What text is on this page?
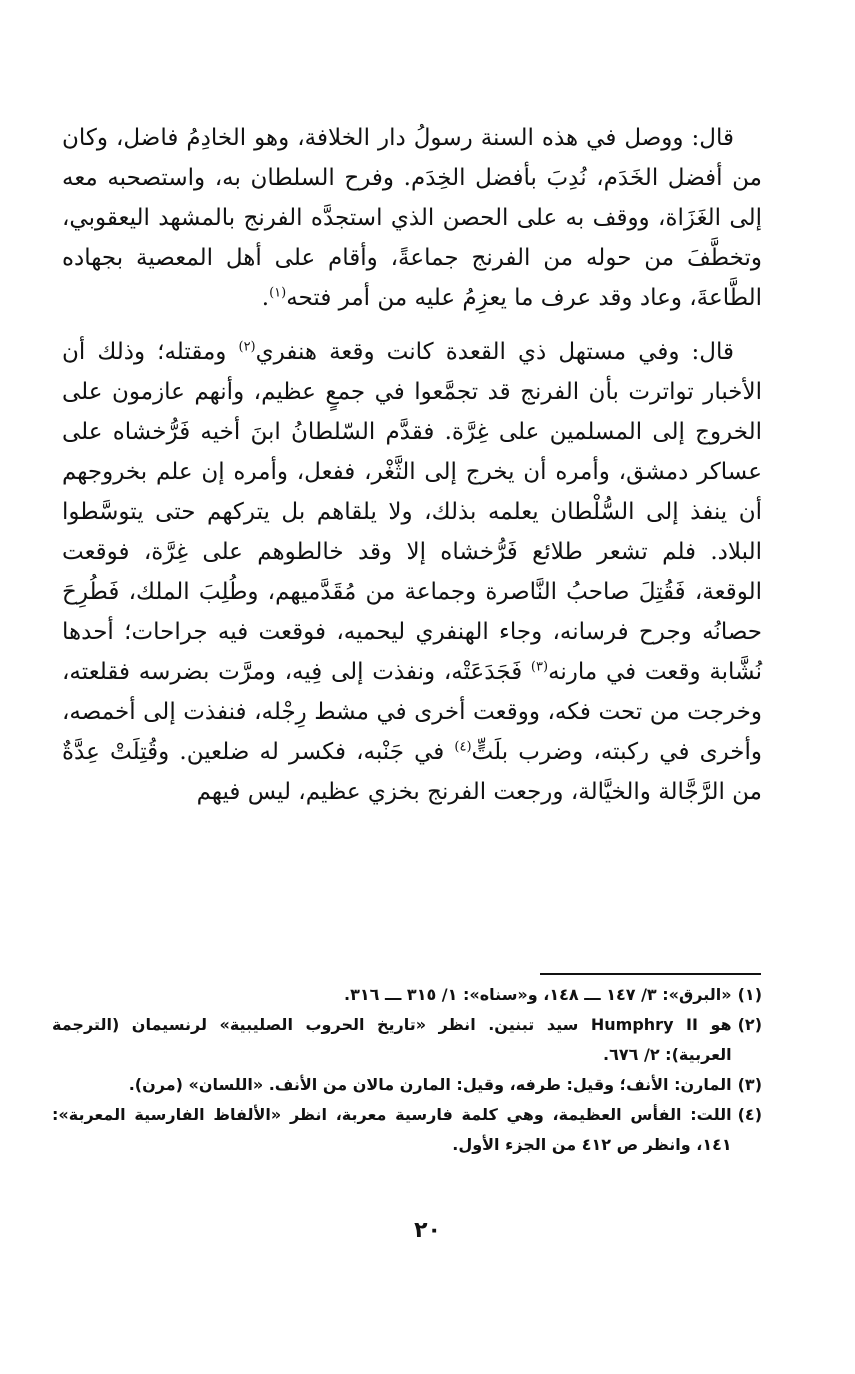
قال: ووصل في هذه السنة رسولُ دار الخلافة، وهو الخادِمُ فاضل، وكان من أفضل الخَدَم، نُدِبَ بأفضل الخِدَم. وفرح السلطان به، واستصحبه معه إلى الغَزَاة، ووقف به على الحصن الذي استجدَّه الفرنج بالمشهد اليعقوبي، وتخطَّفَ من حوله من الفرنج جماعةً، وأقام على أهل المعصية بجهاده الطَّاعةَ، وعاد وقد عرف ما يعزِمُ عليه من أمر فتحه$^{(١)}$.

قال: وفي مستهل ذي القعدة كانت وقعة هنفري$^{(٢)}$ ومقتله؛ وذلك أن الأخبار تواترت بأن الفرنج قد تجمَّعوا في جمعٍ عظيم، وأنهم عازمون على الخروج إلى المسلمين على غِرَّة. فقدَّم السّلطانُ ابنَ أخيه فَرُّخشاه على عساكر دمشق، وأمره أن يخرج إلى الثَّغْر، ففعل، وأمره إن علم بخروجهم أن ينفذ إلى السُّلْطان يعلمه بذلك، ولا يلقاهم بل يتركهم حتى يتوسَّطوا البلاد. فلم تشعر طلائع فَرُّخشاه إلا وقد خالطوهم على غِرَّة، فوقعت الوقعة، فَقُتِلَ صاحبُ النَّاصرة وجماعة من مُقَدَّميهم، وطُلِبَ الملك، فَطُرِحَ حصانُه وجرح فرسانه، وجاء الهنفري ليحميه، فوقعت فيه جراحات؛ أحدها نُشَّابة وقعت في مارنه$^{(٣)}$ فَجَدَعَتْه، ونفذت إلى فِيه، ومرَّت بضرسه فقلعته، وخرجت من تحت فكه، ووقعت أخرى في مشط رِجْله، فنفذت إلى أخمصه، وأخرى في ركبته، وضرب بلَتٍّ$^{(٤)}$ في جَنْبه، فكسر له ضلعين. وقُتِلَتْ عِدَّةٌ من الرَّجَّالة والخيَّالة، ورجعت الفرنج بخزي عظيم، ليس فيهم

(١)
«البرق»: ٣/ ١٤٧ ـــ ١٤٨، و«سناه»: ١/ ٣١٥ ـــ ٣١٦.
(٢)
هو Humphry II سيد تبنين. انظر «تاريخ الحروب الصليبية» لرنسيمان (الترجمة العربية): ٢/ ٦٧٦.
(٣)
المارن: الأنف؛ وقيل: طرفه، وقيل: المارن مالان من الأنف. «اللسان» (مرن).
(٤)
اللت: الفأس العظيمة، وهي كلمة فارسية معربة، انظر «الألفاظ الفارسية المعربة»: ١٤١، وانظر ص ٤١٢ من الجزء الأول.
٢٠
